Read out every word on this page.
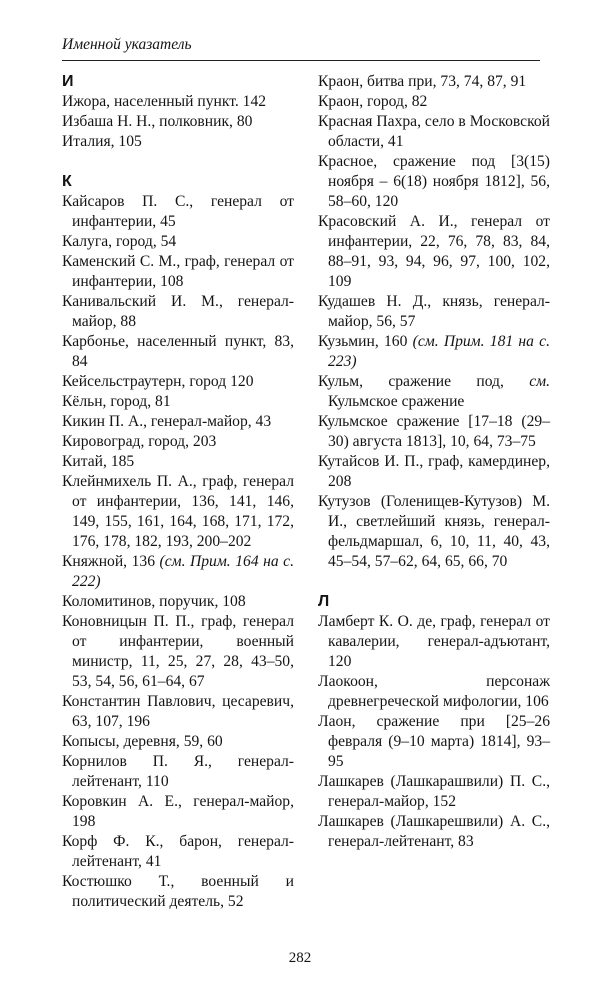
Именной указатель
И
Ижора, населенный пункт. 142
Избаша Н. Н., полковник, 80
Италия, 105
К
Кайсаров П. С., генерал от инфантерии, 45
Калуга, город, 54
Каменский С. М., граф, генерал от инфантерии, 108
Канивальский И. М., генерал-майор, 88
Карбонье, населенный пункт, 83, 84
Кейсельстраутерн, город 120
Кёльн, город, 81
Кикин П. А., генерал-майор, 43
Кировоград, город, 203
Китай, 185
Клейнмихель П. А., граф, генерал от инфантерии, 136, 141, 146, 149, 155, 161, 164, 168, 171, 172, 176, 178, 182, 193, 200–202
Княжной, 136 (см. Прим. 164 на с. 222)
Коломитинов, поручик, 108
Коновницын П. П., граф, генерал от инфантерии, военный министр, 11, 25, 27, 28, 43–50, 53, 54, 56, 61–64, 67
Константин Павлович, цесаревич, 63, 107, 196
Копысы, деревня, 59, 60
Корнилов П. Я., генерал-лейтенант, 110
Коровкин А. Е., генерал-майор, 198
Корф Ф. К., барон, генерал-лейтенант, 41
Костюшко Т., военный и политический деятель, 52
Краон, битва при, 73, 74, 87, 91
Краон, город, 82
Красная Пахра, село в Московской области, 41
Красное, сражение под [3(15) ноября – 6(18) ноября 1812], 56, 58–60, 120
Красовский А. И., генерал от инфантерии, 22, 76, 78, 83, 84, 88–91, 93, 94, 96, 97, 100, 102, 109
Кудашев Н. Д., князь, генерал-майор, 56, 57
Кузьмин, 160 (см. Прим. 181 на с. 223)
Кульм, сражение под, см. Кульмское сражение
Кульмское сражение [17–18 (29–30) августа 1813], 10, 64, 73–75
Кутайсов И. П., граф, камердинер, 208
Кутузов (Голенищев-Кутузов) М. И., светлейший князь, генерал-фельдмаршал, 6, 10, 11, 40, 43, 45–54, 57–62, 64, 65, 66, 70
Л
Ламберт К. О. де, граф, генерал от кавалерии, генерал-адъютант, 120
Лаокоон, персонаж древнегреческой мифологии, 106
Лаон, сражение при [25–26 февраля (9–10 марта) 1814], 93–95
Лашкарев (Лашкарашвили) П. С., генерал-майор, 152
Лашкарев (Лашкарешвили) А. С., генерал-лейтенант, 83
282
